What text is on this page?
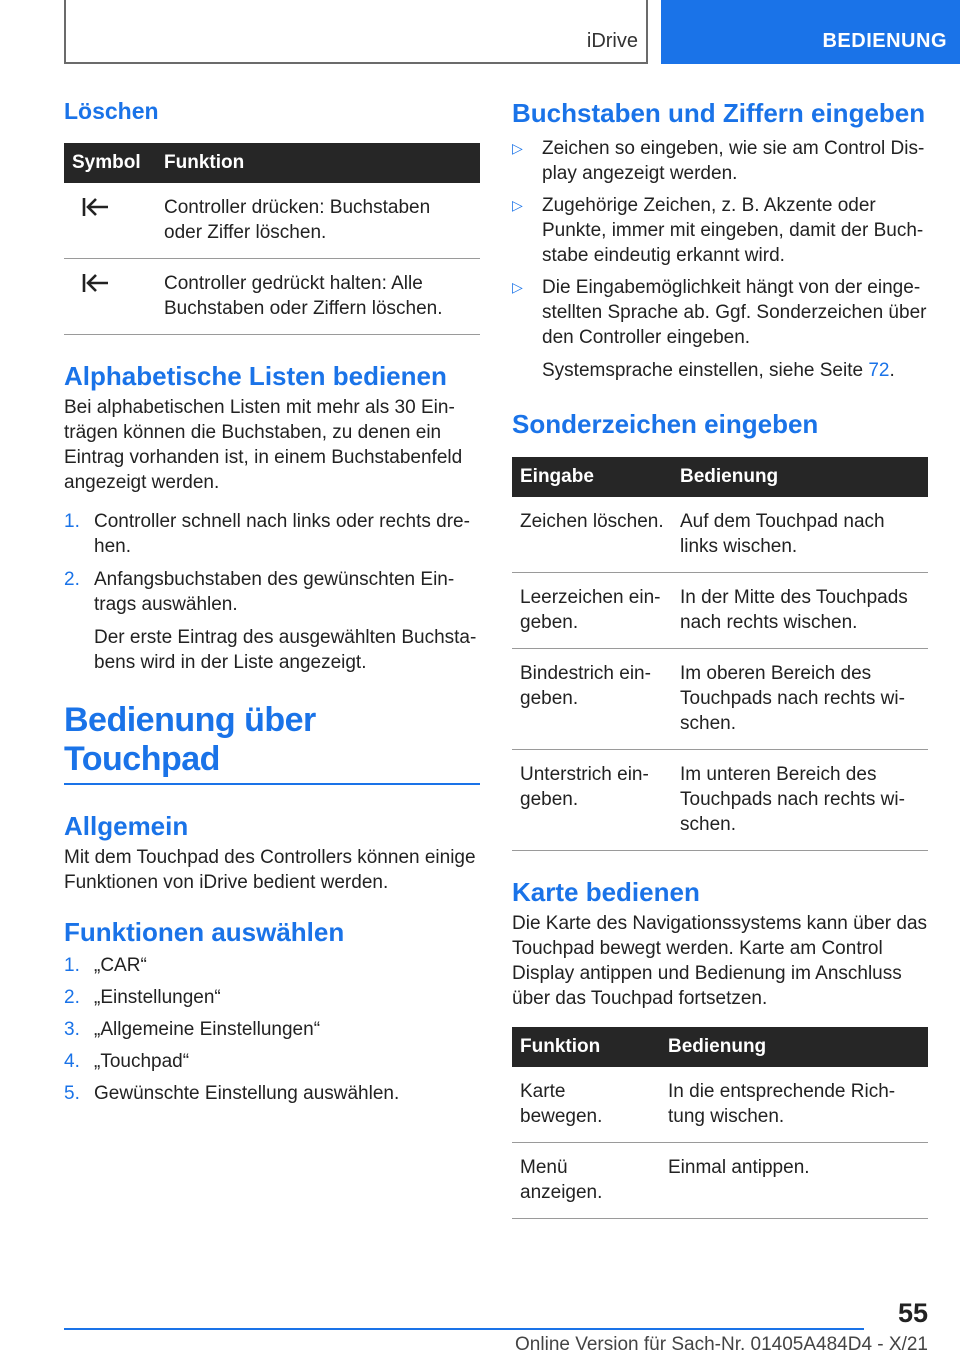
iDrive	BEDIENUNG
Löschen
Symbol	Funktion

	Controller drücken: Buchstaben oder Ziffer löschen.

	Controller gedrückt halten: Alle Buchstaben oder Ziffern löschen.
Alphabetische Listen bedienen

Bei alphabetischen Listen mit mehr als 30 Einträgen können die Buchstaben, zu denen ein Eintrag vorhanden ist, in einem Buchstabenfeld angezeigt werden.

1. Controller schnell nach links oder rechts drehen.
2. Anfangsbuchstaben des gewünschten Eintrags auswählen.
Der erste Eintrag des ausgewählten Buchstabens wird in der Liste angezeigt.
Bedienung über Touchpad
Allgemein

Mit dem Touchpad des Controllers können einige Funktionen von iDrive bedient werden.

Funktionen auswählen
1. „CAR“
2. „Einstellungen“
3. „Allgemeine Einstellungen“
4. „Touchpad“
5. Gewünschte Einstellung auswählen.
Buchstaben und Ziffern eingeben
▷ Zeichen so eingeben, wie sie am Control Display angezeigt werden.
▷ Zugehörige Zeichen, z. B. Akzente oder Punkte, immer mit eingeben, damit der Buchstabe eindeutig erkannt wird.
▷ Die Eingabemöglichkeit hängt von der eingestellten Sprache ab. Ggf. Sonderzeichen über den Controller eingeben.
Systemsprache einstellen, siehe Seite 72.
Sonderzeichen eingeben
Eingabe	Bedienung
Zeichen löschen.	Auf dem Touchpad nach links wischen.
Leerzeichen eingeben.	In der Mitte des Touchpads nach rechts wischen.
Bindestrich eingeben.	Im oberen Bereich des Touchpads nach rechts wischen.
Unterstrich eingeben.	Im unteren Bereich des Touchpads nach rechts wischen.
Karte bedienen

Die Karte des Navigationssystems kann über das Touchpad bewegt werden. Karte am Control Display antippen und Bedienung im Anschluss über das Touchpad fortsetzen.

Funktion	Bedienung
Karte bewegen.	In die entsprechende Richtung wischen.
Menü anzeigen.	Einmal antippen.
55
Online Version für Sach-Nr. 01405A484D4 - X/21
